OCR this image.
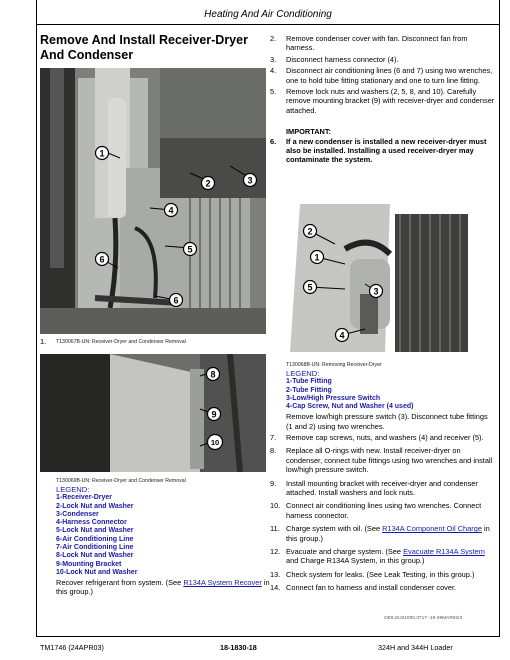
Heating And Air Conditioning
Remove And Install Receiver-Dryer And Condenser

2. Remove condenser cover with fan. Disconnect fan from harness.

3. Disconnect harness connector (4).

4. Disconnect air conditioning lines (6 and 7) using two wrenches, one to hold tube fitting stationary and one to turn line fitting.

5. Remove lock nuts and washers (2, 5, 8, and 10). Carefully remove mounting bracket (9) with receiver-dryer and condenser attached.

IMPORTANT:

6. If a new condenser is installed a new receiver-dryer must also be installed. Installing a used receiver-dryer may contaminate the system.

1
2	3
4
5
6
6
1. T130067B-UN: Receiver-Dryer and Condenser Removal
2
1
5	3
4
T130068B-UN: Removing Receiver-Dryer
LEGEND:
1-Tube Fitting
2-Tube Fitting
3-Low/High Pressure Switch
4-Cap Screw, Nut and Washer (4 used)
Remove low/high pressure switch (3). Disconnect tube fittings (1 and 2) using two wrenches.
8
9
10
T130069B-UN: Receiver-Dryer and Condenser Removal
LEGEND:
1-Receiver-Dryer
2-Lock Nut and Washer
3-Condenser
4-Harness Connector
5-Lock Nut and Washer
6-Air Conditioning Line
7-Air Conditioning Line
8-Lock Nut and Washer
9-Mounting Bracket
10-Lock Nut and Washer
Recover refrigerant from system. (See R134A System Recover in this group.)

7. Remove cap screws, nuts, and washers (4) and receiver (5).

8. Replace all O-rings with new. Install receiver-dryer on condenser, connect tube fittings using two wrenches and install low/high pressure switch.

9. Install mounting bracket with receiver-dryer and condenser attached. Install washers and lock nuts.

10. Connect air conditioning lines using two wrenches. Connect harness connector.

11. Charge system with oil. (See R134A Component Oil Charge in this group.)

12. Evacuate and charge system. (See Evacuate R134A System and Charge R134A System, in this group.)

13. Check system for leaks. (See Leak Testing, in this group.)

14. Connect fan to harness and install condenser cover.

OE8,SU01000,3717 -19-29MAR02/3
TM1746 (24APR03)	18-1830-18	324H and 344H Loader
